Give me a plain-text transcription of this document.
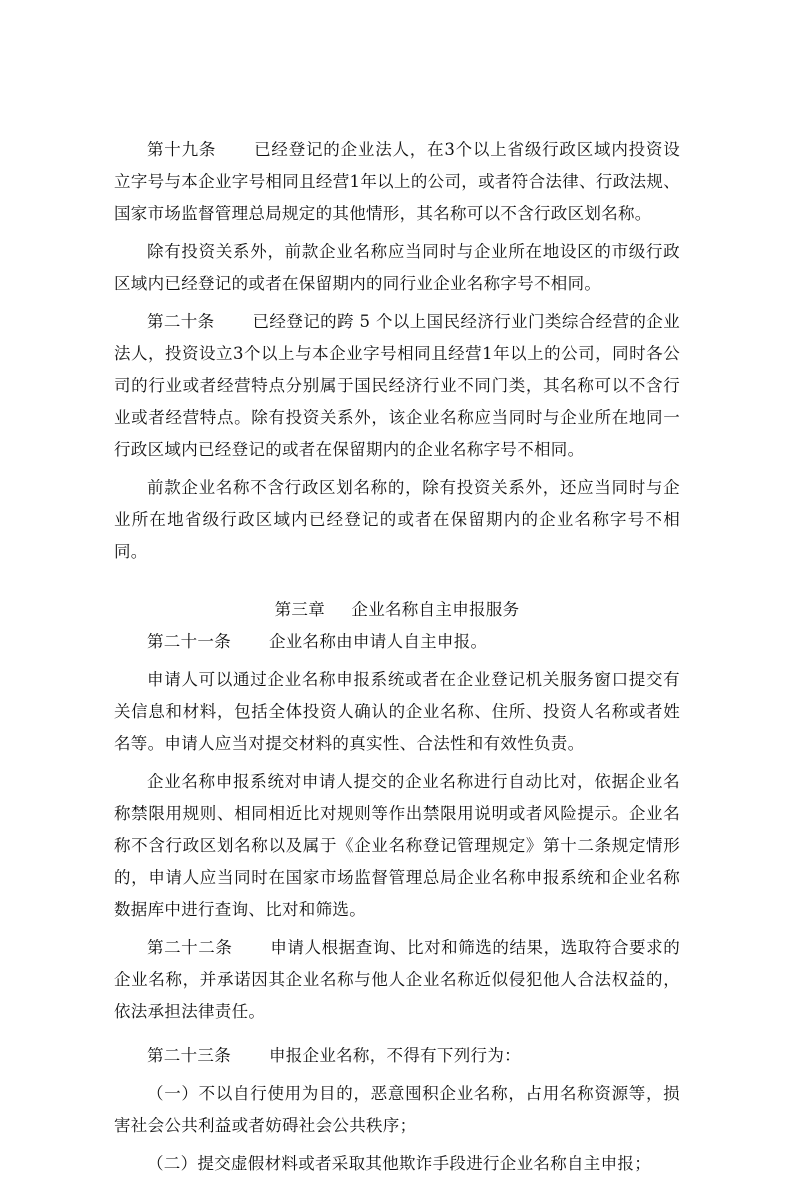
第十九条 已经登记的企业法人，在3个以上省级行政区域内投资设立字号与本企业字号相同且经营1年以上的公司，或者符合法律、行政法规、国家市场监督管理总局规定的其他情形，其名称可以不含行政区划名称。

除有投资关系外，前款企业名称应当同时与企业所在地设区的市级行政区域内已经登记的或者在保留期内的同行业企业名称字号不相同。

第二十条 已经登记的跨 5 个以上国民经济行业门类综合经营的企业法人，投资设立3个以上与本企业字号相同且经营1年以上的公司，同时各公司的行业或者经营特点分别属于国民经济行业不同门类，其名称可以不含行业或者经营特点。除有投资关系外，该企业名称应当同时与企业所在地同一行政区域内已经登记的或者在保留期内的企业名称字号不相同。

前款企业名称不含行政区划名称的，除有投资关系外，还应当同时与企业所在地省级行政区域内已经登记的或者在保留期内的企业名称字号不相同。

第三章 企业名称自主申报服务

第二十一条 企业名称由申请人自主申报。

申请人可以通过企业名称申报系统或者在企业登记机关服务窗口提交有关信息和材料，包括全体投资人确认的企业名称、住所、投资人名称或者姓名等。申请人应当对提交材料的真实性、合法性和有效性负责。

企业名称申报系统对申请人提交的企业名称进行自动比对，依据企业名称禁限用规则、相同相近比对规则等作出禁限用说明或者风险提示。企业名称不含行政区划名称以及属于《企业名称登记管理规定》第十二条规定情形的，申请人应当同时在国家市场监督管理总局企业名称申报系统和企业名称数据库中进行查询、比对和筛选。

第二十二条 申请人根据查询、比对和筛选的结果，选取符合要求的企业名称，并承诺因其企业名称与他人企业名称近似侵犯他人合法权益的，依法承担法律责任。

第二十三条 申报企业名称，不得有下列行为：

（一）不以自行使用为目的，恶意囤积企业名称，占用名称资源等，损害社会公共利益或者妨碍社会公共秩序；

（二）提交虚假材料或者采取其他欺诈手段进行企业名称自主申报；
